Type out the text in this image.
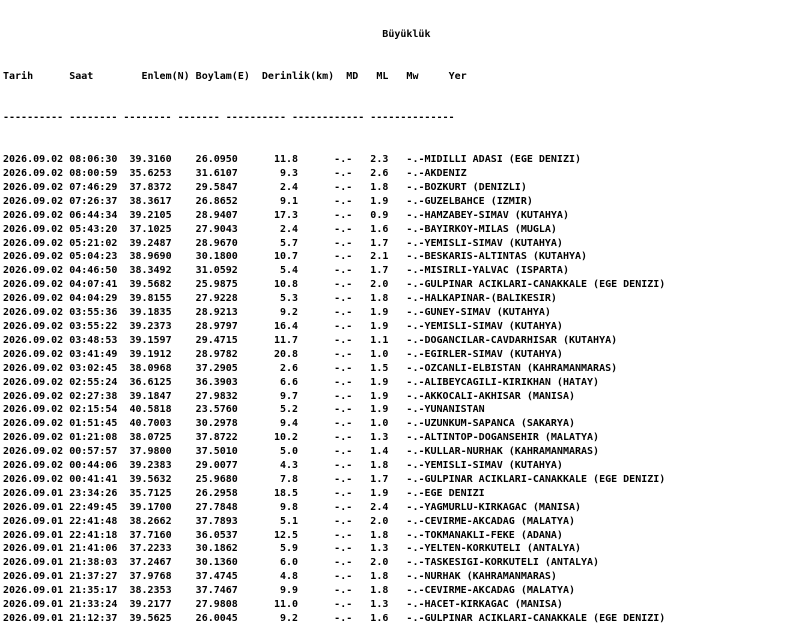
Büyüklük

Tarih      Saat        Enlem(N) Boylam(E)  Derinlik(km)  MD   ML   Mw     Yer

---------- -------- -------- ------- ---------- ------------ --------------

2026.09.02 08:06:30  39.3160    26.0950      11.8      -.-   2.3   -.-MIDILLI ADASI (EGE DENIZI)
2026.09.02 08:00:59  35.6253    31.6107       9.3      -.-   2.6   -.-AKDENIZ
2026.09.02 07:46:29  37.8372    29.5847       2.4      -.-   1.8   -.-BOZKURT (DENIZLI)
2026.09.02 07:26:37  38.3617    26.8652       9.1      -.-   1.9   -.-GUZELBAHCE (IZMIR)
2026.09.02 06:44:34  39.2105    28.9407      17.3      -.-   0.9   -.-HAMZABEY-SIMAV (KUTAHYA)
2026.09.02 05:43:20  37.1025    27.9043       2.4      -.-   1.6   -.-BAYIRKOY-MILAS (MUGLA)
2026.09.02 05:21:02  39.2487    28.9670       5.7      -.-   1.7   -.-YEMISLI-SIMAV (KUTAHYA)
2026.09.02 05:04:23  38.9690    30.1800      10.7      -.-   2.1   -.-BESKARIS-ALTINTAS (KUTAHYA)
2026.09.02 04:46:50  38.3492    31.0592       5.4      -.-   1.7   -.-MISIRLI-YALVAC (ISPARTA)
2026.09.02 04:07:41  39.5682    25.9875      10.8      -.-   2.0   -.-GULPINAR ACIKLARI-CANAKKALE (EGE DENIZI)
2026.09.02 04:04:29  39.8155    27.9228       5.3      -.-   1.8   -.-HALKAPINAR-(BALIKESIR)
2026.09.02 03:55:36  39.1835    28.9213       9.2      -.-   1.9   -.-GUNEY-SIMAV (KUTAHYA)
2026.09.02 03:55:22  39.2373    28.9797      16.4      -.-   1.9   -.-YEMISLI-SIMAV (KUTAHYA)
2026.09.02 03:48:53  39.1597    29.4715      11.7      -.-   1.1   -.-DOGANCILAR-CAVDARHISAR (KUTAHYA)
2026.09.02 03:41:49  39.1912    28.9782      20.8      -.-   1.0   -.-EGIRLER-SIMAV (KUTAHYA)
2026.09.02 03:02:45  38.0968    37.2905       2.6      -.-   1.5   -.-OZCANLI-ELBISTAN (KAHRAMANMARAS)
2026.09.02 02:55:24  36.6125    36.3903       6.6      -.-   1.9   -.-ALIBEYCAGILI-KIRIKHAN (HATAY)
2026.09.02 02:27:38  39.1847    27.9832       9.7      -.-   1.9   -.-AKKOCALI-AKHISAR (MANISA)
2026.09.02 02:15:54  40.5818    23.5760       5.2      -.-   1.9   -.-YUNANISTAN
2026.09.02 01:51:45  40.7003    30.2978       9.4      -.-   1.0   -.-UZUNKUM-SAPANCA (SAKARYA)
2026.09.02 01:21:08  38.0725    37.8722      10.2      -.-   1.3   -.-ALTINTOP-DOGANSEHIR (MALATYA)
2026.09.02 00:57:57  37.9800    37.5010       5.0      -.-   1.4   -.-KULLAR-NURHAK (KAHRAMANMARAS)
2026.09.02 00:44:06  39.2383    29.0077       4.3      -.-   1.8   -.-YEMISLI-SIMAV (KUTAHYA)
2026.09.02 00:41:41  39.5632    25.9680       7.8      -.-   1.7   -.-GULPINAR ACIKLARI-CANAKKALE (EGE DENIZI)
2026.09.01 23:34:26  35.7125    26.2958      18.5      -.-   1.9   -.-EGE DENIZI
2026.09.01 22:49:45  39.1700    27.7848       9.8      -.-   2.4   -.-YAGMURLU-KIRKAGAC (MANISA)
2026.09.01 22:41:48  38.2662    37.7893       5.1      -.-   2.0   -.-CEVIRME-AKCADAG (MALATYA)
2026.09.01 22:41:18  37.7160    36.0537      12.5      -.-   1.8   -.-TOKMANAKLI-FEKE (ADANA)
2026.09.01 21:41:06  37.2233    30.1862       5.9      -.-   1.3   -.-YELTEN-KORKUTELI (ANTALYA)
2026.09.01 21:38:03  37.2467    30.1360       6.0      -.-   2.0   -.-TASKESIGI-KORKUTELI (ANTALYA)
2026.09.01 21:37:27  37.9768    37.4745       4.8      -.-   1.8   -.-NURHAK (KAHRAMANMARAS)
2026.09.01 21:35:17  38.2353    37.7467       9.9      -.-   1.8   -.-CEVIRME-AKCADAG (MALATYA)
2026.09.01 21:33:24  39.2177    27.9808      11.0      -.-   1.3   -.-HACET-KIRKAGAC (MANISA)
2026.09.01 21:12:37  39.5625    26.0045       9.2      -.-   1.6   -.-GULPINAR ACIKLARI-CANAKKALE (EGE DENIZI)
